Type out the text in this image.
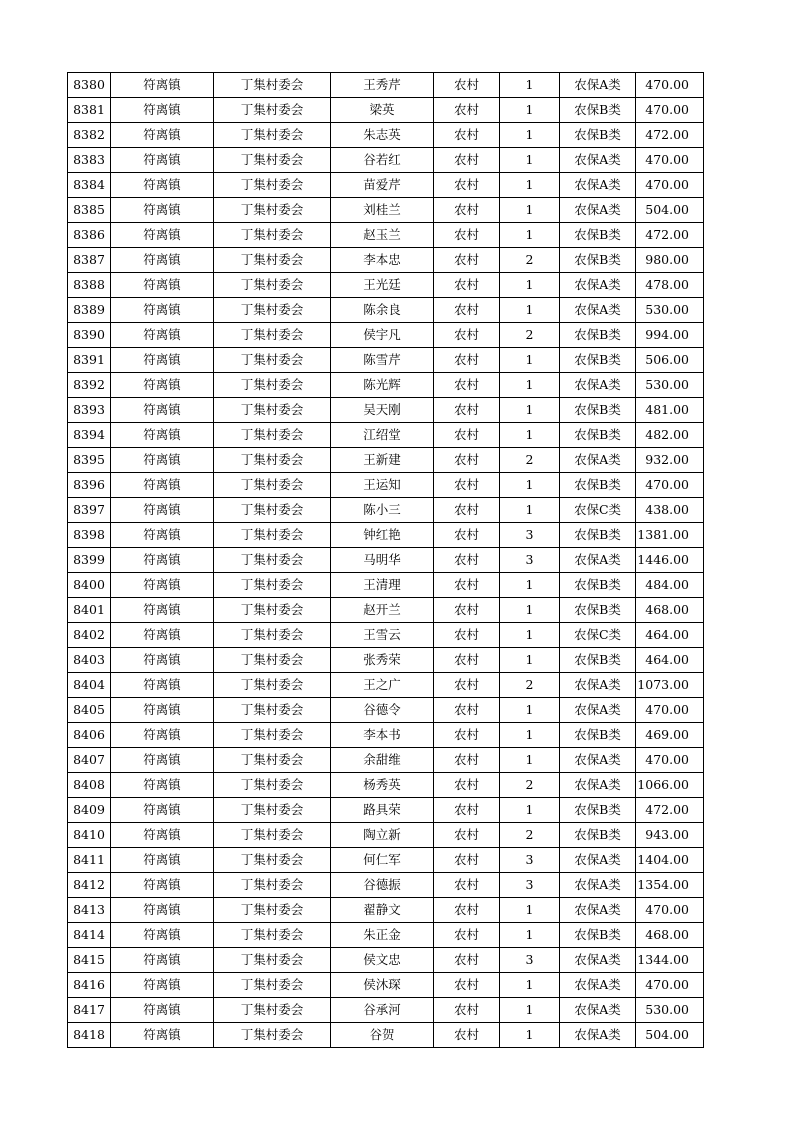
8380	符离镇	丁集村委会	王秀芹	农村	1	农保A类	470.00
8381	符离镇	丁集村委会	梁英	农村	1	农保B类	470.00
8382	符离镇	丁集村委会	朱志英	农村	1	农保B类	472.00
8383	符离镇	丁集村委会	谷若红	农村	1	农保A类	470.00
8384	符离镇	丁集村委会	苗爱芹	农村	1	农保A类	470.00
8385	符离镇	丁集村委会	刘桂兰	农村	1	农保A类	504.00
8386	符离镇	丁集村委会	赵玉兰	农村	1	农保B类	472.00
8387	符离镇	丁集村委会	李本忠	农村	2	农保B类	980.00
8388	符离镇	丁集村委会	王光廷	农村	1	农保A类	478.00
8389	符离镇	丁集村委会	陈余良	农村	1	农保A类	530.00
8390	符离镇	丁集村委会	侯宇凡	农村	2	农保B类	994.00
8391	符离镇	丁集村委会	陈雪芹	农村	1	农保B类	506.00
8392	符离镇	丁集村委会	陈光辉	农村	1	农保A类	530.00
8393	符离镇	丁集村委会	吴天刚	农村	1	农保B类	481.00
8394	符离镇	丁集村委会	江绍堂	农村	1	农保B类	482.00
8395	符离镇	丁集村委会	王新建	农村	2	农保A类	932.00
8396	符离镇	丁集村委会	王运知	农村	1	农保B类	470.00
8397	符离镇	丁集村委会	陈小三	农村	1	农保C类	438.00
8398	符离镇	丁集村委会	钟红艳	农村	3	农保B类	1381.00
8399	符离镇	丁集村委会	马明华	农村	3	农保A类	1446.00
8400	符离镇	丁集村委会	王清理	农村	1	农保B类	484.00
8401	符离镇	丁集村委会	赵开兰	农村	1	农保B类	468.00
8402	符离镇	丁集村委会	王雪云	农村	1	农保C类	464.00
8403	符离镇	丁集村委会	张秀荣	农村	1	农保B类	464.00
8404	符离镇	丁集村委会	王之广	农村	2	农保A类	1073.00
8405	符离镇	丁集村委会	谷德令	农村	1	农保A类	470.00
8406	符离镇	丁集村委会	李本书	农村	1	农保B类	469.00
8407	符离镇	丁集村委会	余甜维	农村	1	农保A类	470.00
8408	符离镇	丁集村委会	杨秀英	农村	2	农保A类	1066.00
8409	符离镇	丁集村委会	路具荣	农村	1	农保B类	472.00
8410	符离镇	丁集村委会	陶立新	农村	2	农保B类	943.00
8411	符离镇	丁集村委会	何仁军	农村	3	农保A类	1404.00
8412	符离镇	丁集村委会	谷德振	农村	3	农保A类	1354.00
8413	符离镇	丁集村委会	翟静文	农村	1	农保A类	470.00
8414	符离镇	丁集村委会	朱正金	农村	1	农保B类	468.00
8415	符离镇	丁集村委会	侯文忠	农村	3	农保A类	1344.00
8416	符离镇	丁集村委会	侯沐琛	农村	1	农保A类	470.00
8417	符离镇	丁集村委会	谷承河	农村	1	农保A类	530.00
8418	符离镇	丁集村委会	谷贺	农村	1	农保A类	504.00
